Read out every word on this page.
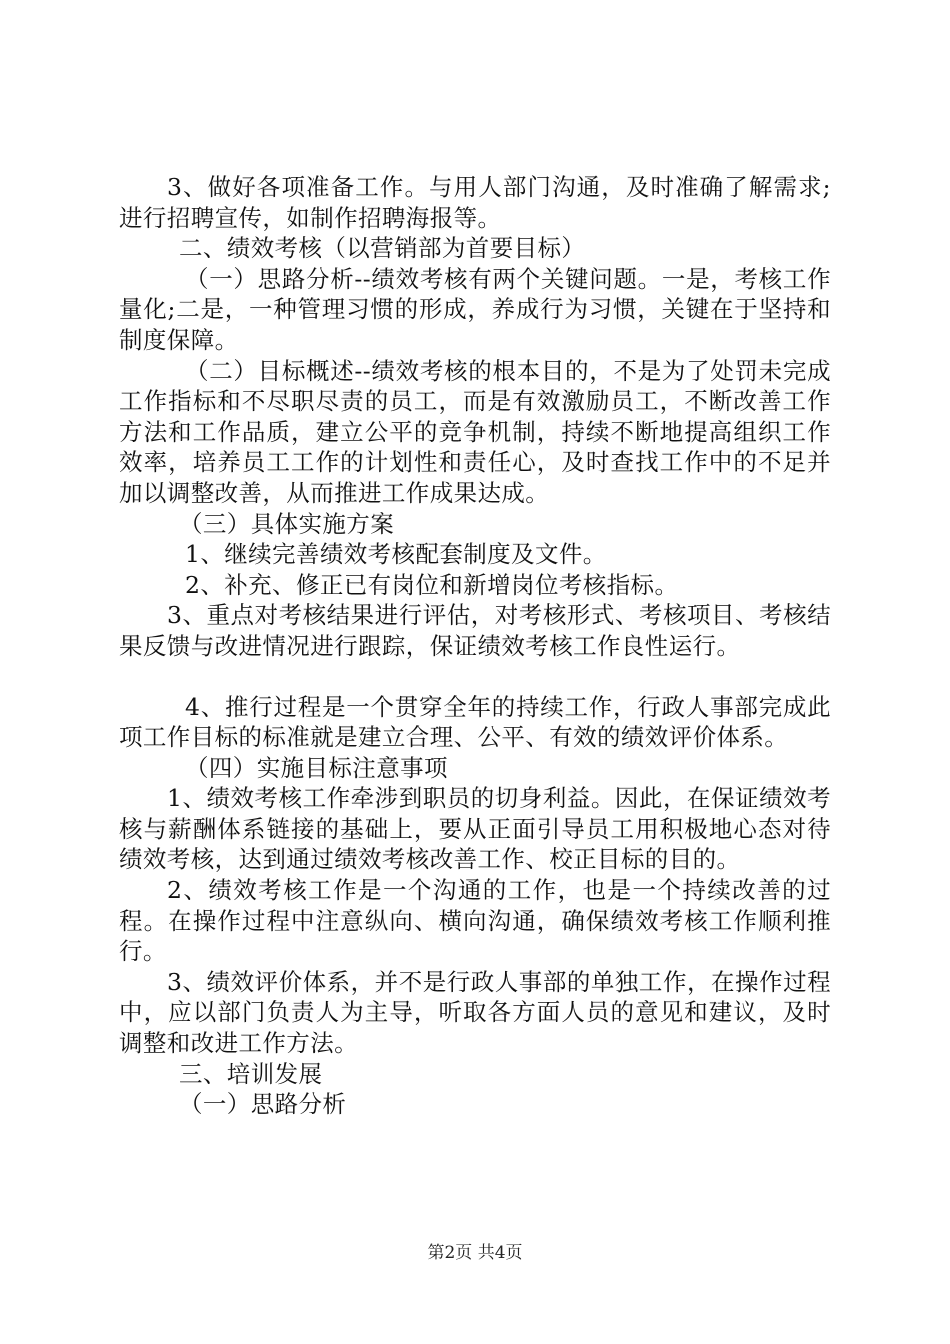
3、做好各项准备工作。与用人部门沟通，及时准确了解需求;进行招聘宣传，如制作招聘海报等。

二、绩效考核（以营销部为首要目标）

（一）思路分析--绩效考核有两个关键问题。一是，考核工作量化;二是，一种管理习惯的形成，养成行为习惯，关键在于坚持和制度保障。

（二）目标概述--绩效考核的根本目的，不是为了处罚未完成工作指标和不尽职尽责的员工，而是有效激励员工，不断改善工作方法和工作品质，建立公平的竞争机制，持续不断地提高组织工作效率，培养员工工作的计划性和责任心，及时查找工作中的不足并加以调整改善，从而推进工作成果达成。

（三）具体实施方案

1、继续完善绩效考核配套制度及文件。

2、补充、修正已有岗位和新增岗位考核指标。

3、重点对考核结果进行评估，对考核形式、考核项目、考核结果反馈与改进情况进行跟踪，保证绩效考核工作良性运行。

4、推行过程是一个贯穿全年的持续工作，行政人事部完成此项工作目标的标准就是建立合理、公平、有效的绩效评价体系。

（四）实施目标注意事项

1、绩效考核工作牵涉到职员的切身利益。因此，在保证绩效考核与薪酬体系链接的基础上，要从正面引导员工用积极地心态对待绩效考核，达到通过绩效考核改善工作、校正目标的目的。

2、绩效考核工作是一个沟通的工作，也是一个持续改善的过程。在操作过程中注意纵向、横向沟通，确保绩效考核工作顺利推行。

3、绩效评价体系，并不是行政人事部的单独工作，在操作过程中，应以部门负责人为主导，听取各方面人员的意见和建议，及时调整和改进工作方法。

三、培训发展

（一）思路分析

第2页 共4页
